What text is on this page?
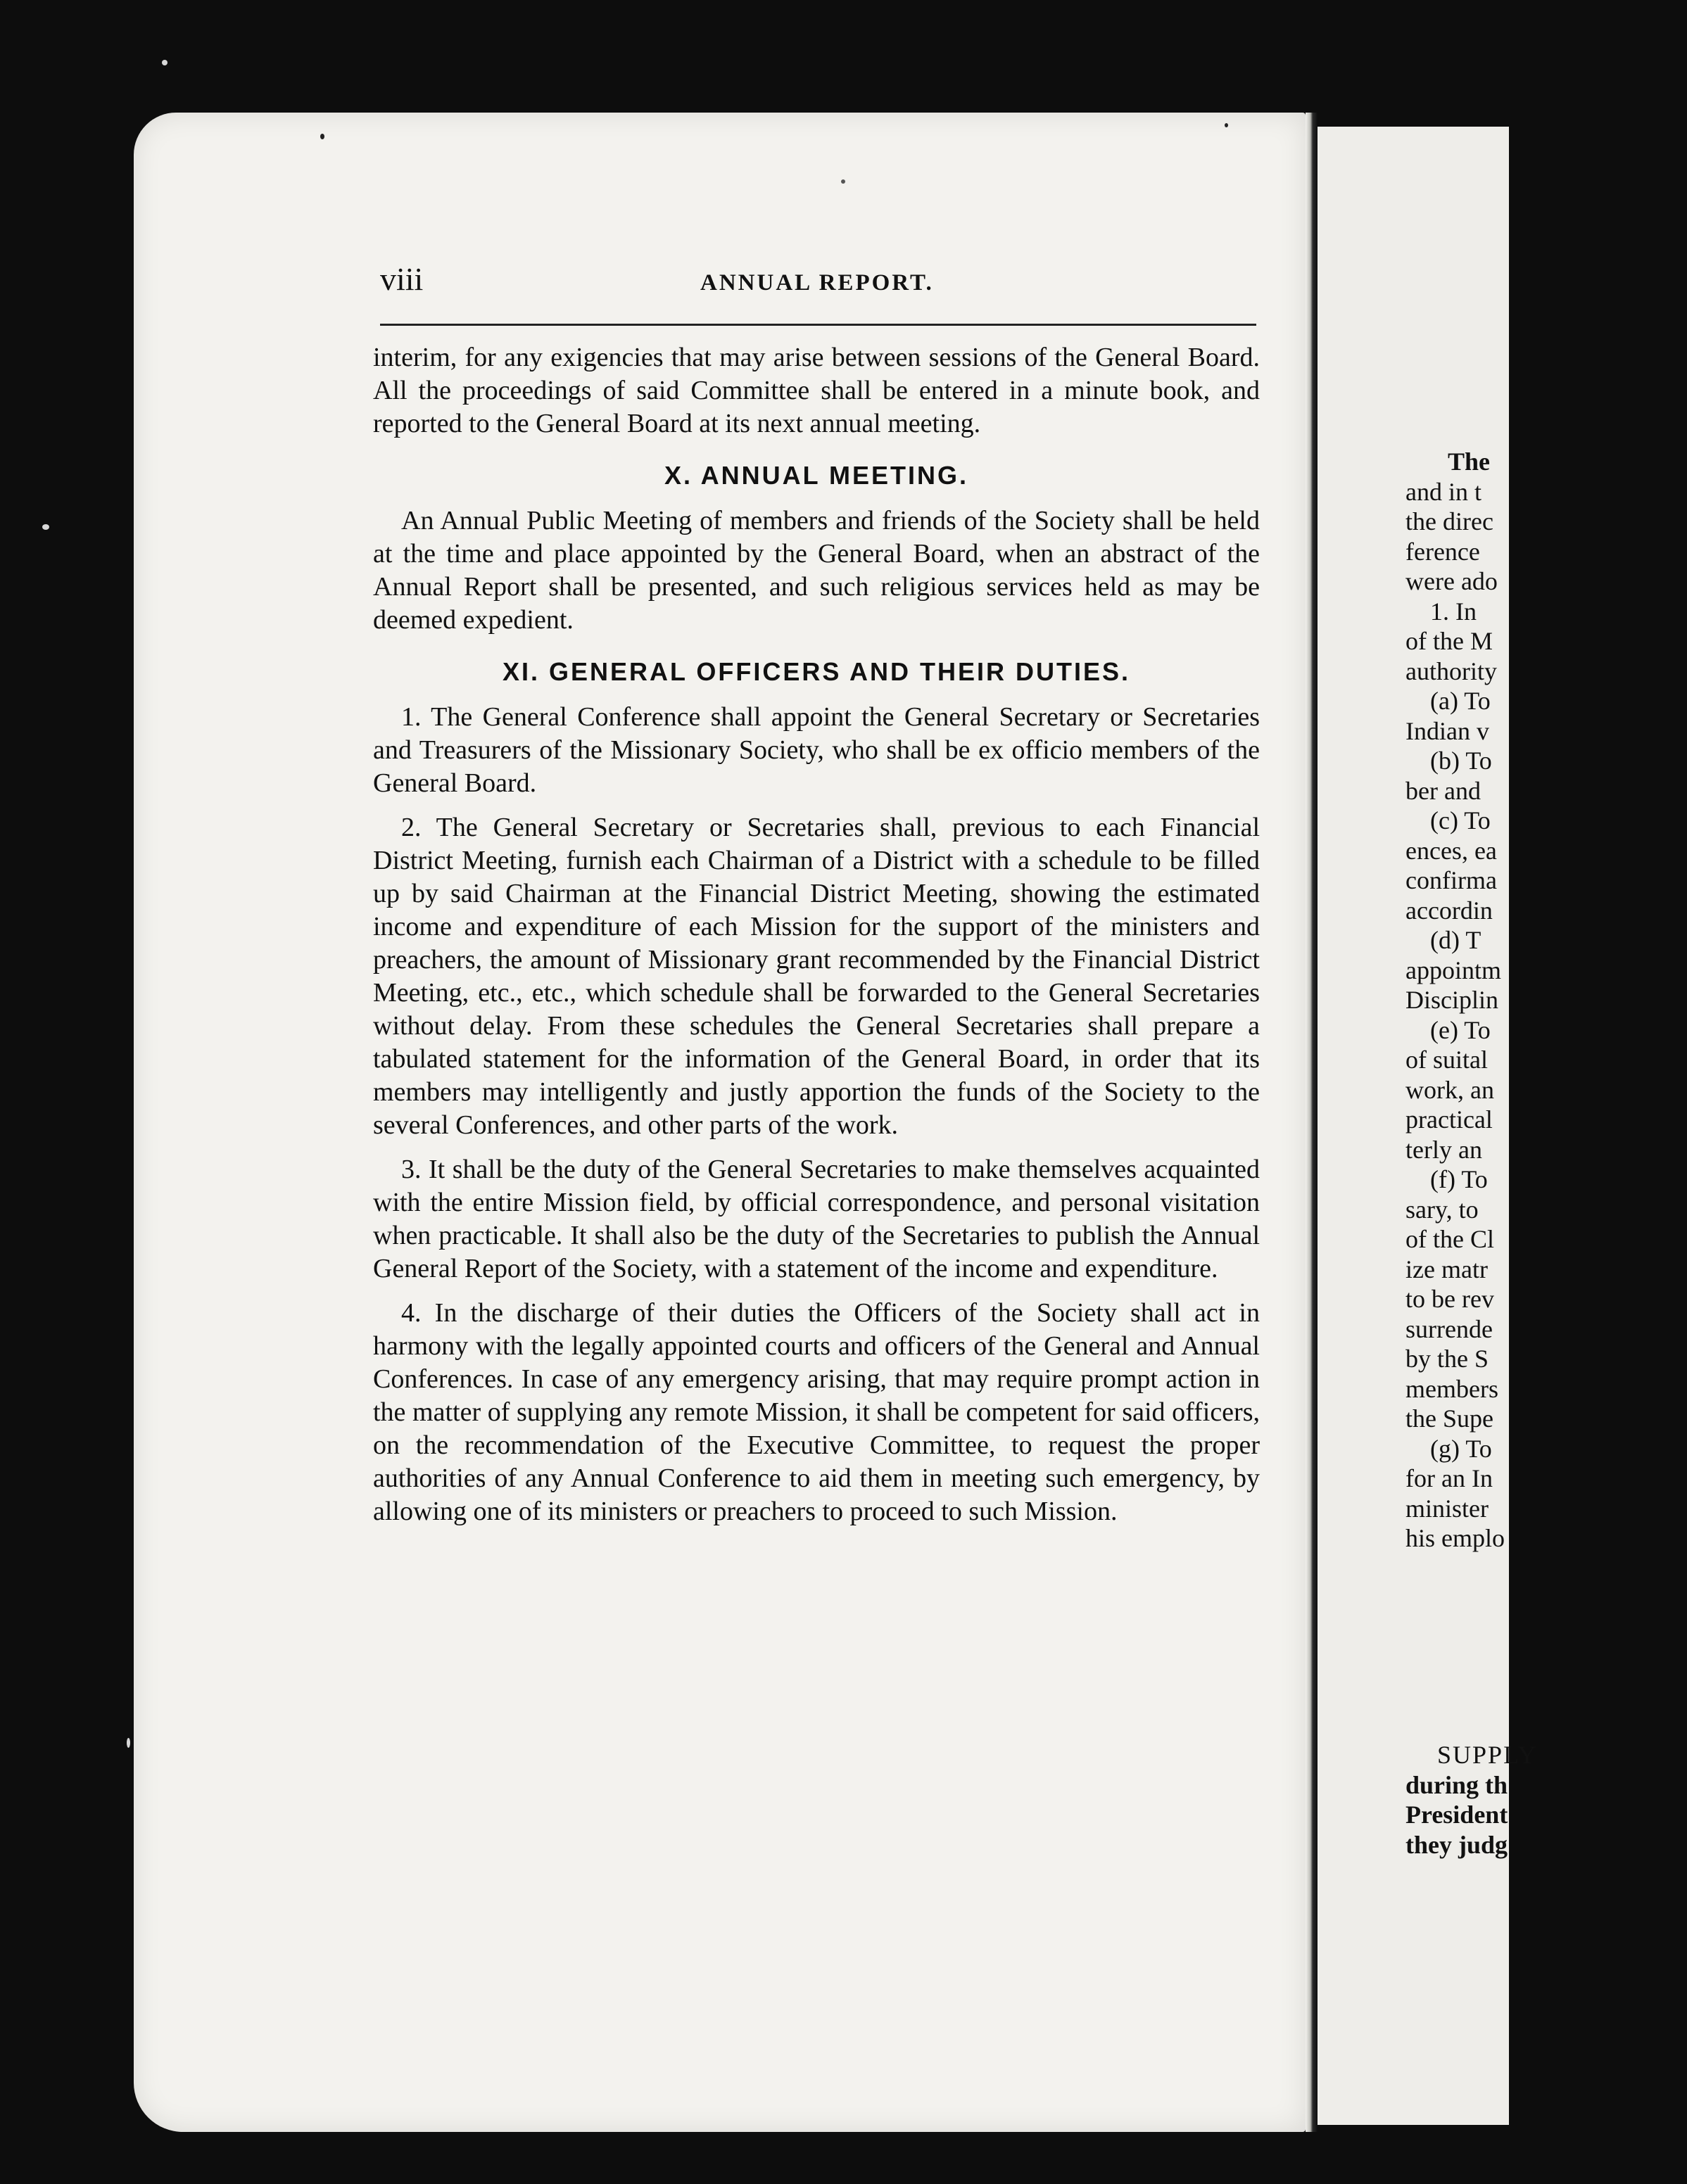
The
and in t
the direc
ference
were ado
1. In
of the M
authority
(a) To
Indian v
(b) To
ber and
(c) To
ences, ea
confirma
accordin
(d) T
appointm
Disciplin
(e) To
of suital
work, an
practical
terly an
(f) To
sary, to
of the Cl
ize matr
to be rev
surrende
by the S
members
the Supe
(g) To
for an In
minister
his emplo
SUPPLY
during th
President
they judg
viii	ANNUAL REPORT.

interim, for any exigencies that may arise between sessions of the General Board. All the proceedings of said Committee shall be entered in a minute book, and reported to the General Board at its next annual meeting.

X. ANNUAL MEETING.

An Annual Public Meeting of members and friends of the Society shall be held at the time and place appointed by the General Board, when an abstract of the Annual Report shall be presented, and such religious services held as may be deemed expedient.

XI. GENERAL OFFICERS AND THEIR DUTIES.

1. The General Conference shall appoint the General Secretary or Secretaries and Treasurers of the Missionary Society, who shall be ex officio members of the General Board.

2. The General Secretary or Secretaries shall, previous to each Financial District Meeting, furnish each Chairman of a District with a schedule to be filled up by said Chairman at the Financial District Meeting, showing the estimated income and expenditure of each Mission for the support of the ministers and preachers, the amount of Missionary grant recommended by the Financial District Meeting, etc., etc., which schedule shall be forwarded to the General Secretaries without delay. From these schedules the General Secretaries shall prepare a tabulated statement for the information of the General Board, in order that its members may intelligently and justly apportion the funds of the Society to the several Conferences, and other parts of the work.

3. It shall be the duty of the General Secretaries to make themselves acquainted with the entire Mission field, by official correspondence, and personal visitation when practicable. It shall also be the duty of the Secretaries to publish the Annual General Report of the Society, with a statement of the income and expenditure.

4. In the discharge of their duties the Officers of the Society shall act in harmony with the legally appointed courts and officers of the General and Annual Conferences. In case of any emergency arising, that may require prompt action in the matter of supplying any remote Mission, it shall be competent for said officers, on the recommendation of the Executive Committee, to request the proper authorities of any Annual Conference to aid them in meeting such emergency, by allowing one of its ministers or preachers to proceed to such Mission.
